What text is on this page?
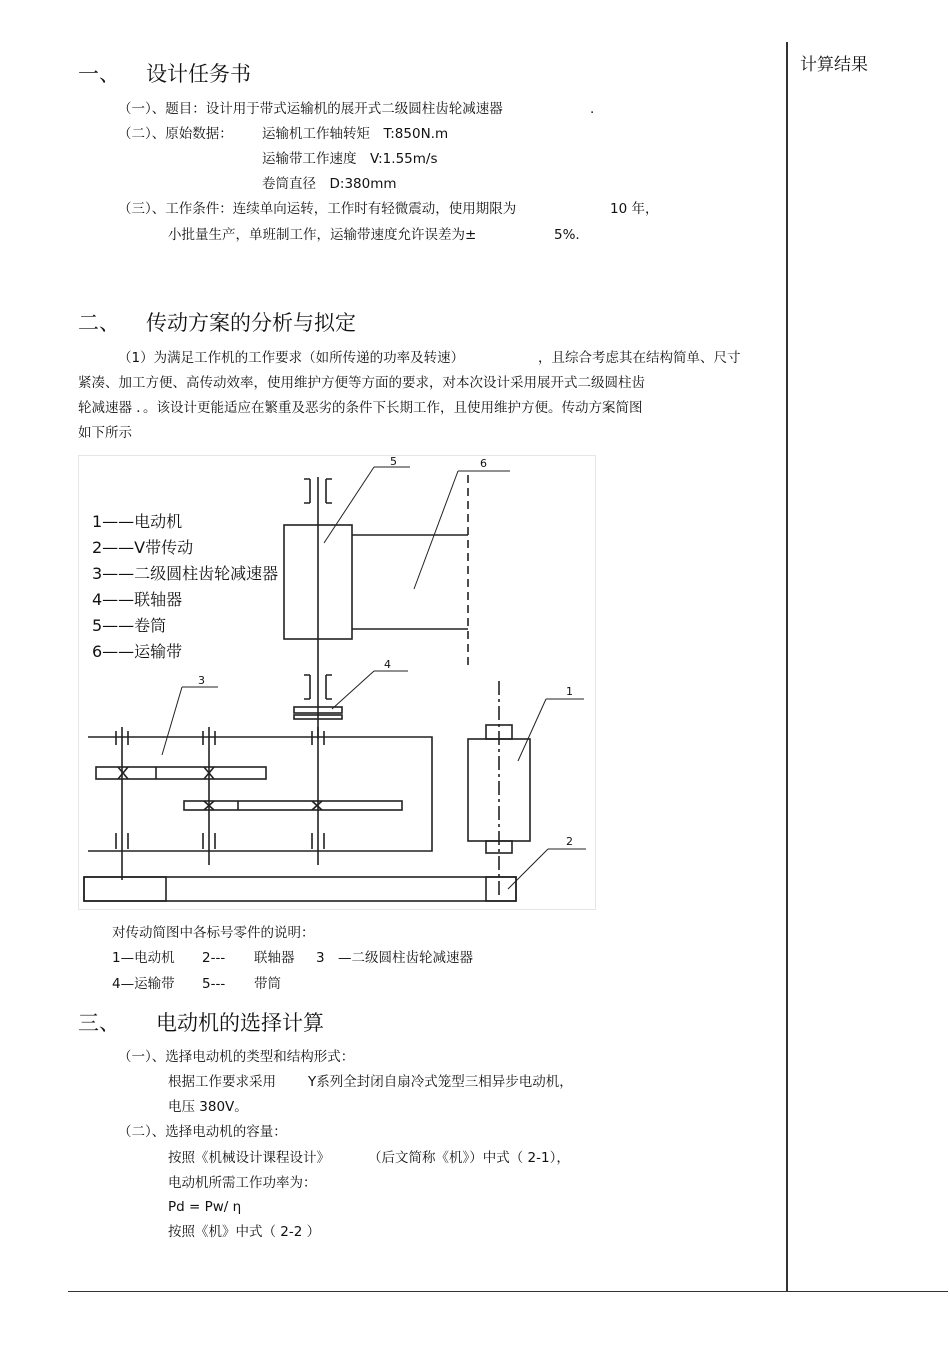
计算结果
一、 设计任务书
（一）、题目：设计用于带式运输机的展开式二级圆柱齿轮减速器	.
（二）、原始数据： 运输机工作轴转矩　T:850N.m
运输带工作速度　V:1.55m/s
卷筒直径　D:380mm
（三）、工作条件：连续单向运转，工作时有轻微震动，使用期限为	10 年，
小批量生产，单班制工作，运输带速度允许误差为±	5%.
二、 传动方案的分析与拟定
（1）为满足工作机的工作要求（如所传递的功率及转速）	，且综合考虑其在结构简单、尺寸
紧凑、加工方便、高传动效率，使用维护方便等方面的要求，对本次设计采用展开式二级圆柱齿
轮减速器 ．。该设计更能适应在繁重及恶劣的条件下长期工作，且使用维护方便。传动方案简图
如下所示
1——电动机
2——V带传动
3——二级圆柱齿轮减速器
4——联轴器
5——卷筒
6——运输带
5	6
4
3
1
2
对传动简图中各标号零件的说明：
1—电动机 2--- 联轴器 3 —二级圆柱齿轮减速器
4—运输带 5--- 带筒
三、 电动机的选择计算
（一）、选择电动机的类型和结构形式：
根据工作要求采用 Y系列全封闭自扇冷式笼型三相异步电动机，
电压 380V。
（二）、选择电动机的容量：
按照《机械设计课程设计》	（后文简称《机》）中式（ 2-1），
电动机所需工作功率为：
Pd = Pw/ η
按照《机》中式（ 2-2 ）
